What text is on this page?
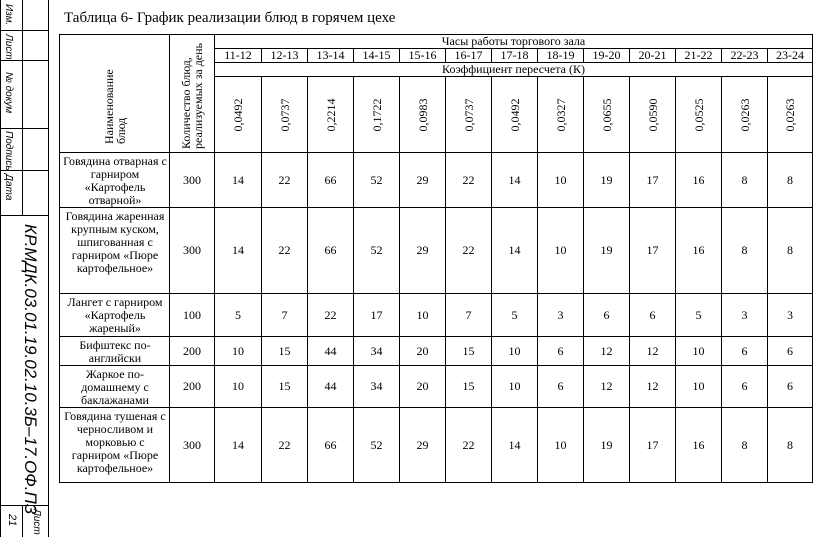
Изм.
Лист
№ докум
Подпись
Дата
КР.МДК.03.01.19.02.10.3Б–17.ОФ.ПЗ
Лист
21
Таблица 6- График реализации блюд в горячем цехе
Наименование блюд	Количество блюд, реализуемых за день	Часы работы торгового зала												
		11-12	12-13	13-14	14-15	15-16	16-17	17-18	18-19	19-20	20-21	21-22	22-23	23-24
		Коэффициент пересчета (К)												

		0,0492	0,0737	0,2214	0,1722	0,0983	0,0737	0,0492	0,0327	0,0655	0,0590	0,0525	0,0263	0,0263

Говядина отварная с гарниром «Картофель отварной»	300	14	22	66	52	29	22	14	10	19	17	16	8	8
Говядина жаренная крупным куском, шпигованная с гарниром «Пюре картофельное»	300	14	22	66	52	29	22	14	10	19	17	16	8	8
Лангет с гарниром «Картофель жареный»	100	5	7	22	17	10	7	5	3	6	6	5	3	3
Бифштекс по-английски	200	10	15	44	34	20	15	10	6	12	12	10	6	6
Жаркое по-домашнему с баклажанами	200	10	15	44	34	20	15	10	6	12	12	10	6	6
Говядина тушеная с черносливом и морковью с гарниром «Пюре картофельное»	300	14	22	66	52	29	22	14	10	19	17	16	8	8
